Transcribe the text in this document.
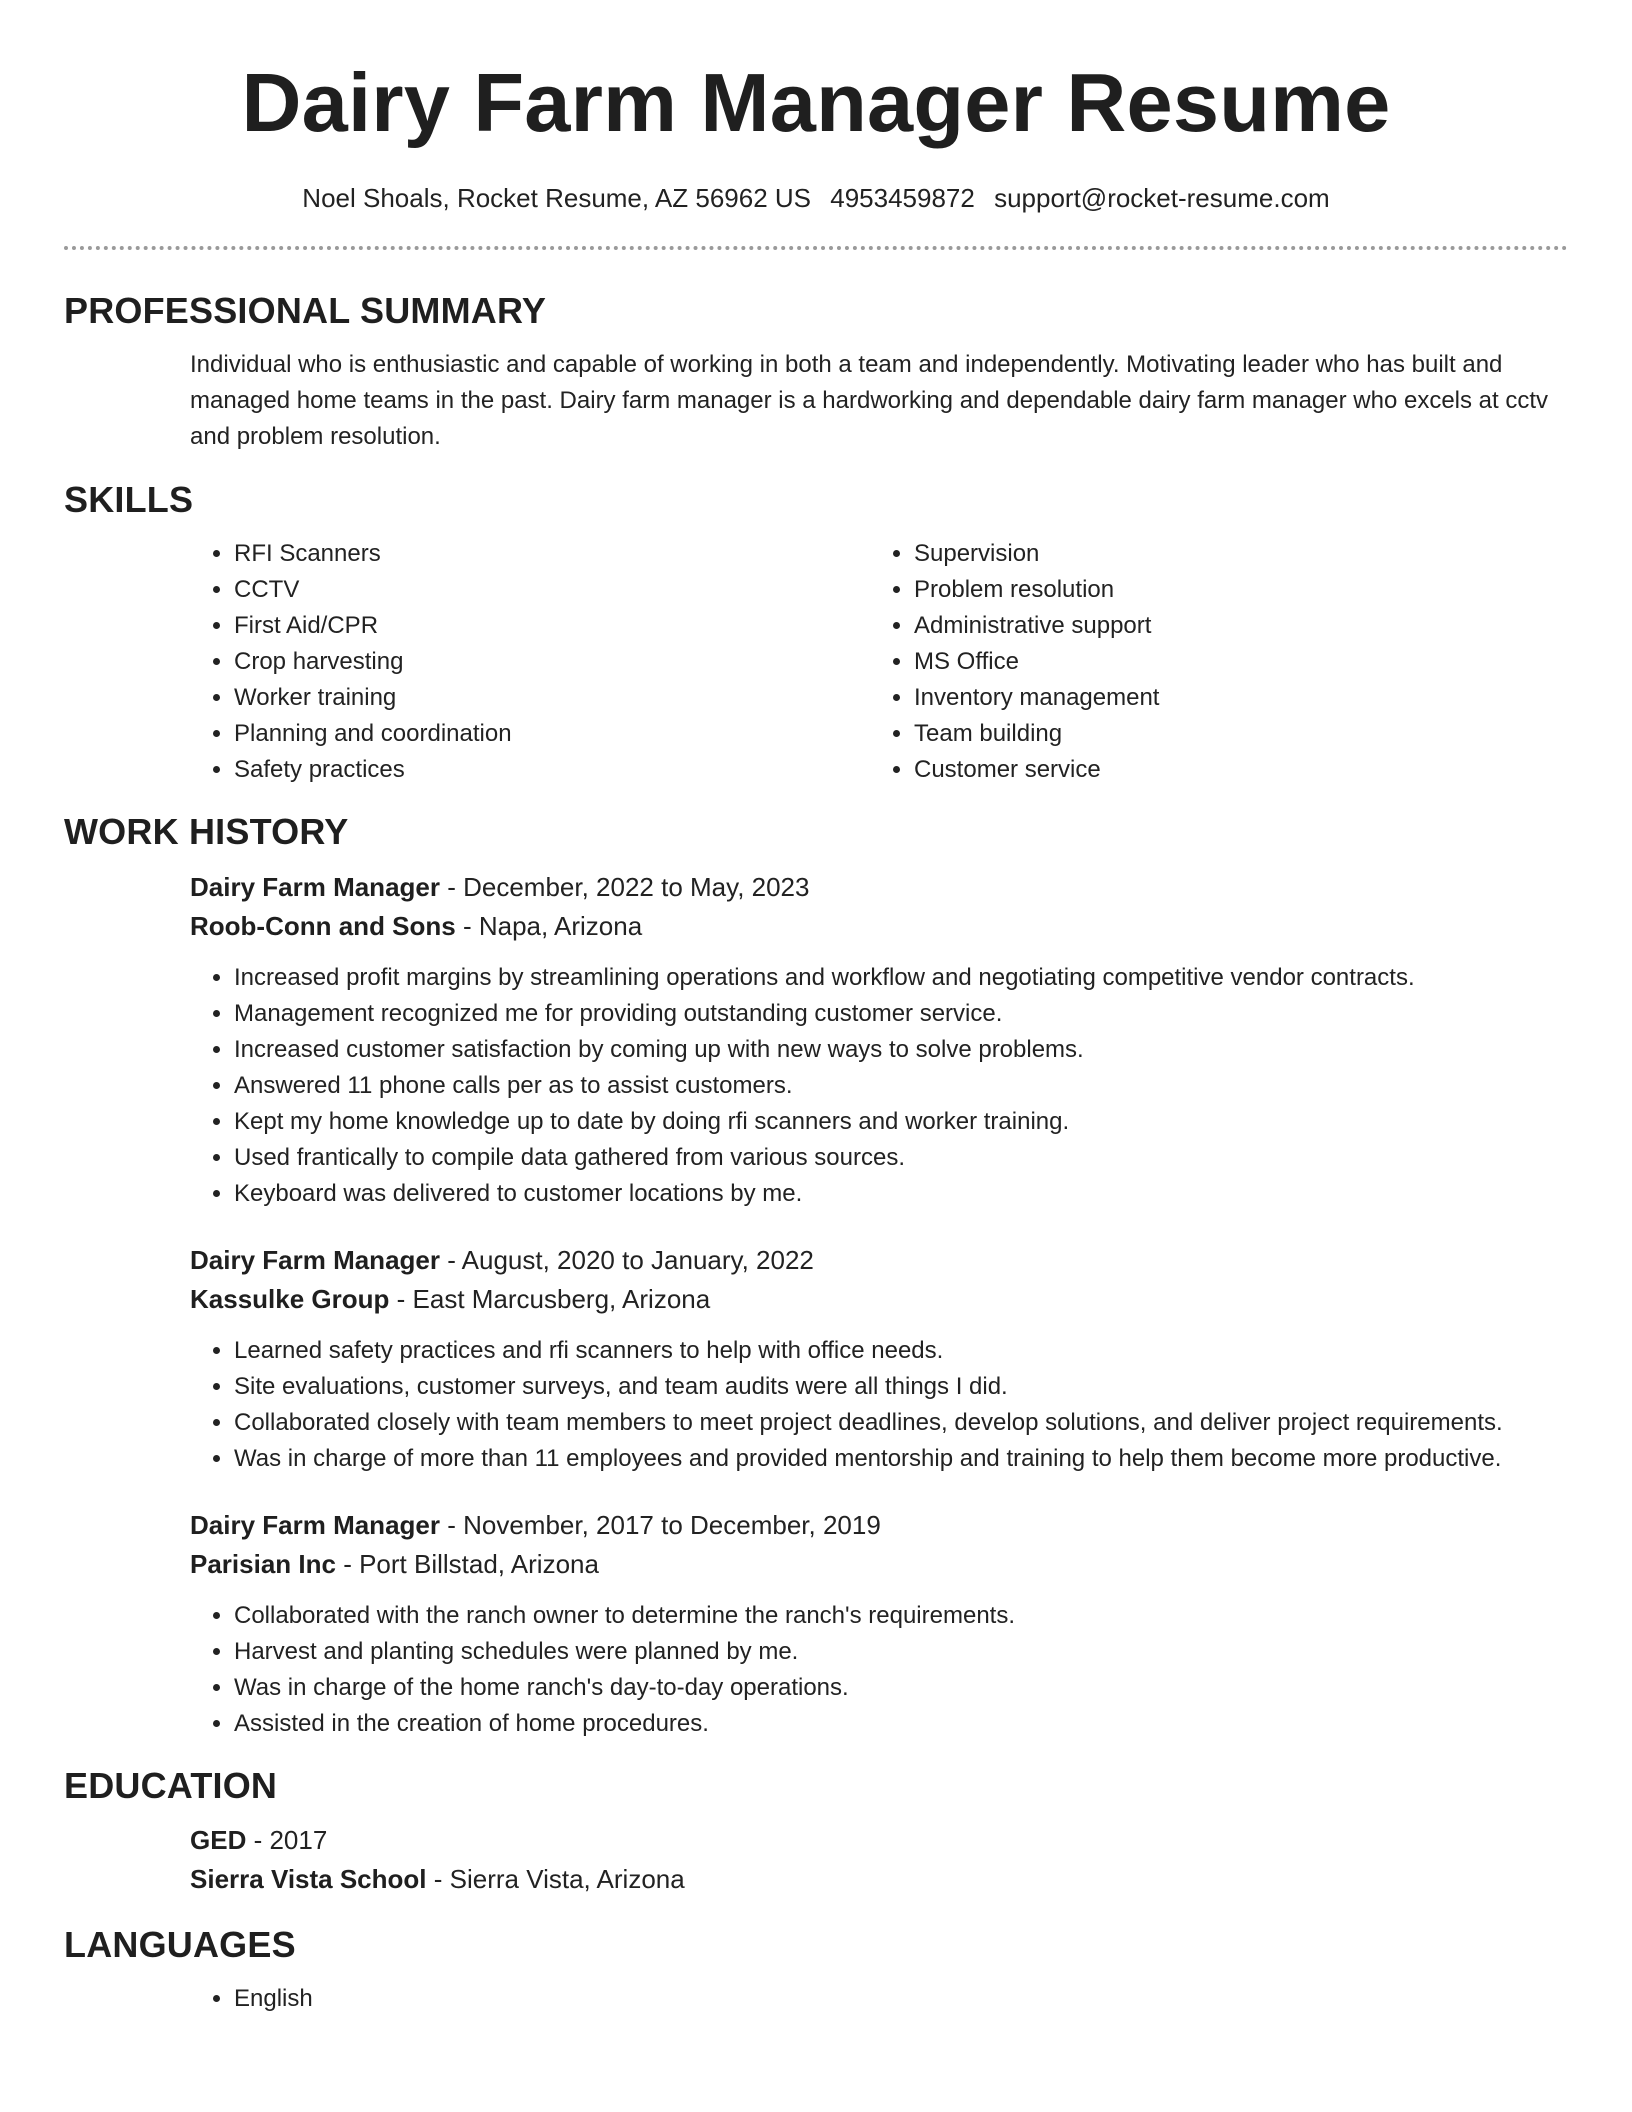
Dairy Farm Manager Resume
Noel Shoals, Rocket Resume, AZ 56962 US 4953459872 support@rocket-resume.com
PROFESSIONAL SUMMARY
Individual who is enthusiastic and capable of working in both a team and independently. Motivating leader who has built and managed home teams in the past. Dairy farm manager is a hardworking and dependable dairy farm manager who excels at cctv and problem resolution.
SKILLS
• RFI Scanners
• CCTV
• First Aid/CPR
• Crop harvesting
• Worker training
• Planning and coordination
• Safety practices
• Supervision
• Problem resolution
• Administrative support
• MS Office
• Inventory management
• Team building
• Customer service
WORK HISTORY
Dairy Farm Manager - December, 2022 to May, 2023
Roob-Conn and Sons - Napa, Arizona
• Increased profit margins by streamlining operations and workflow and negotiating competitive vendor contracts.
• Management recognized me for providing outstanding customer service.
• Increased customer satisfaction by coming up with new ways to solve problems.
• Answered 11 phone calls per as to assist customers.
• Kept my home knowledge up to date by doing rfi scanners and worker training.
• Used frantically to compile data gathered from various sources.
• Keyboard was delivered to customer locations by me.
Dairy Farm Manager - August, 2020 to January, 2022
Kassulke Group - East Marcusberg, Arizona
• Learned safety practices and rfi scanners to help with office needs.
• Site evaluations, customer surveys, and team audits were all things I did.
• Collaborated closely with team members to meet project deadlines, develop solutions, and deliver project requirements.
• Was in charge of more than 11 employees and provided mentorship and training to help them become more productive.
Dairy Farm Manager - November, 2017 to December, 2019
Parisian Inc - Port Billstad, Arizona
• Collaborated with the ranch owner to determine the ranch's requirements.
• Harvest and planting schedules were planned by me.
• Was in charge of the home ranch's day-to-day operations.
• Assisted in the creation of home procedures.
EDUCATION
GED - 2017
Sierra Vista School - Sierra Vista, Arizona
LANGUAGES
• English
